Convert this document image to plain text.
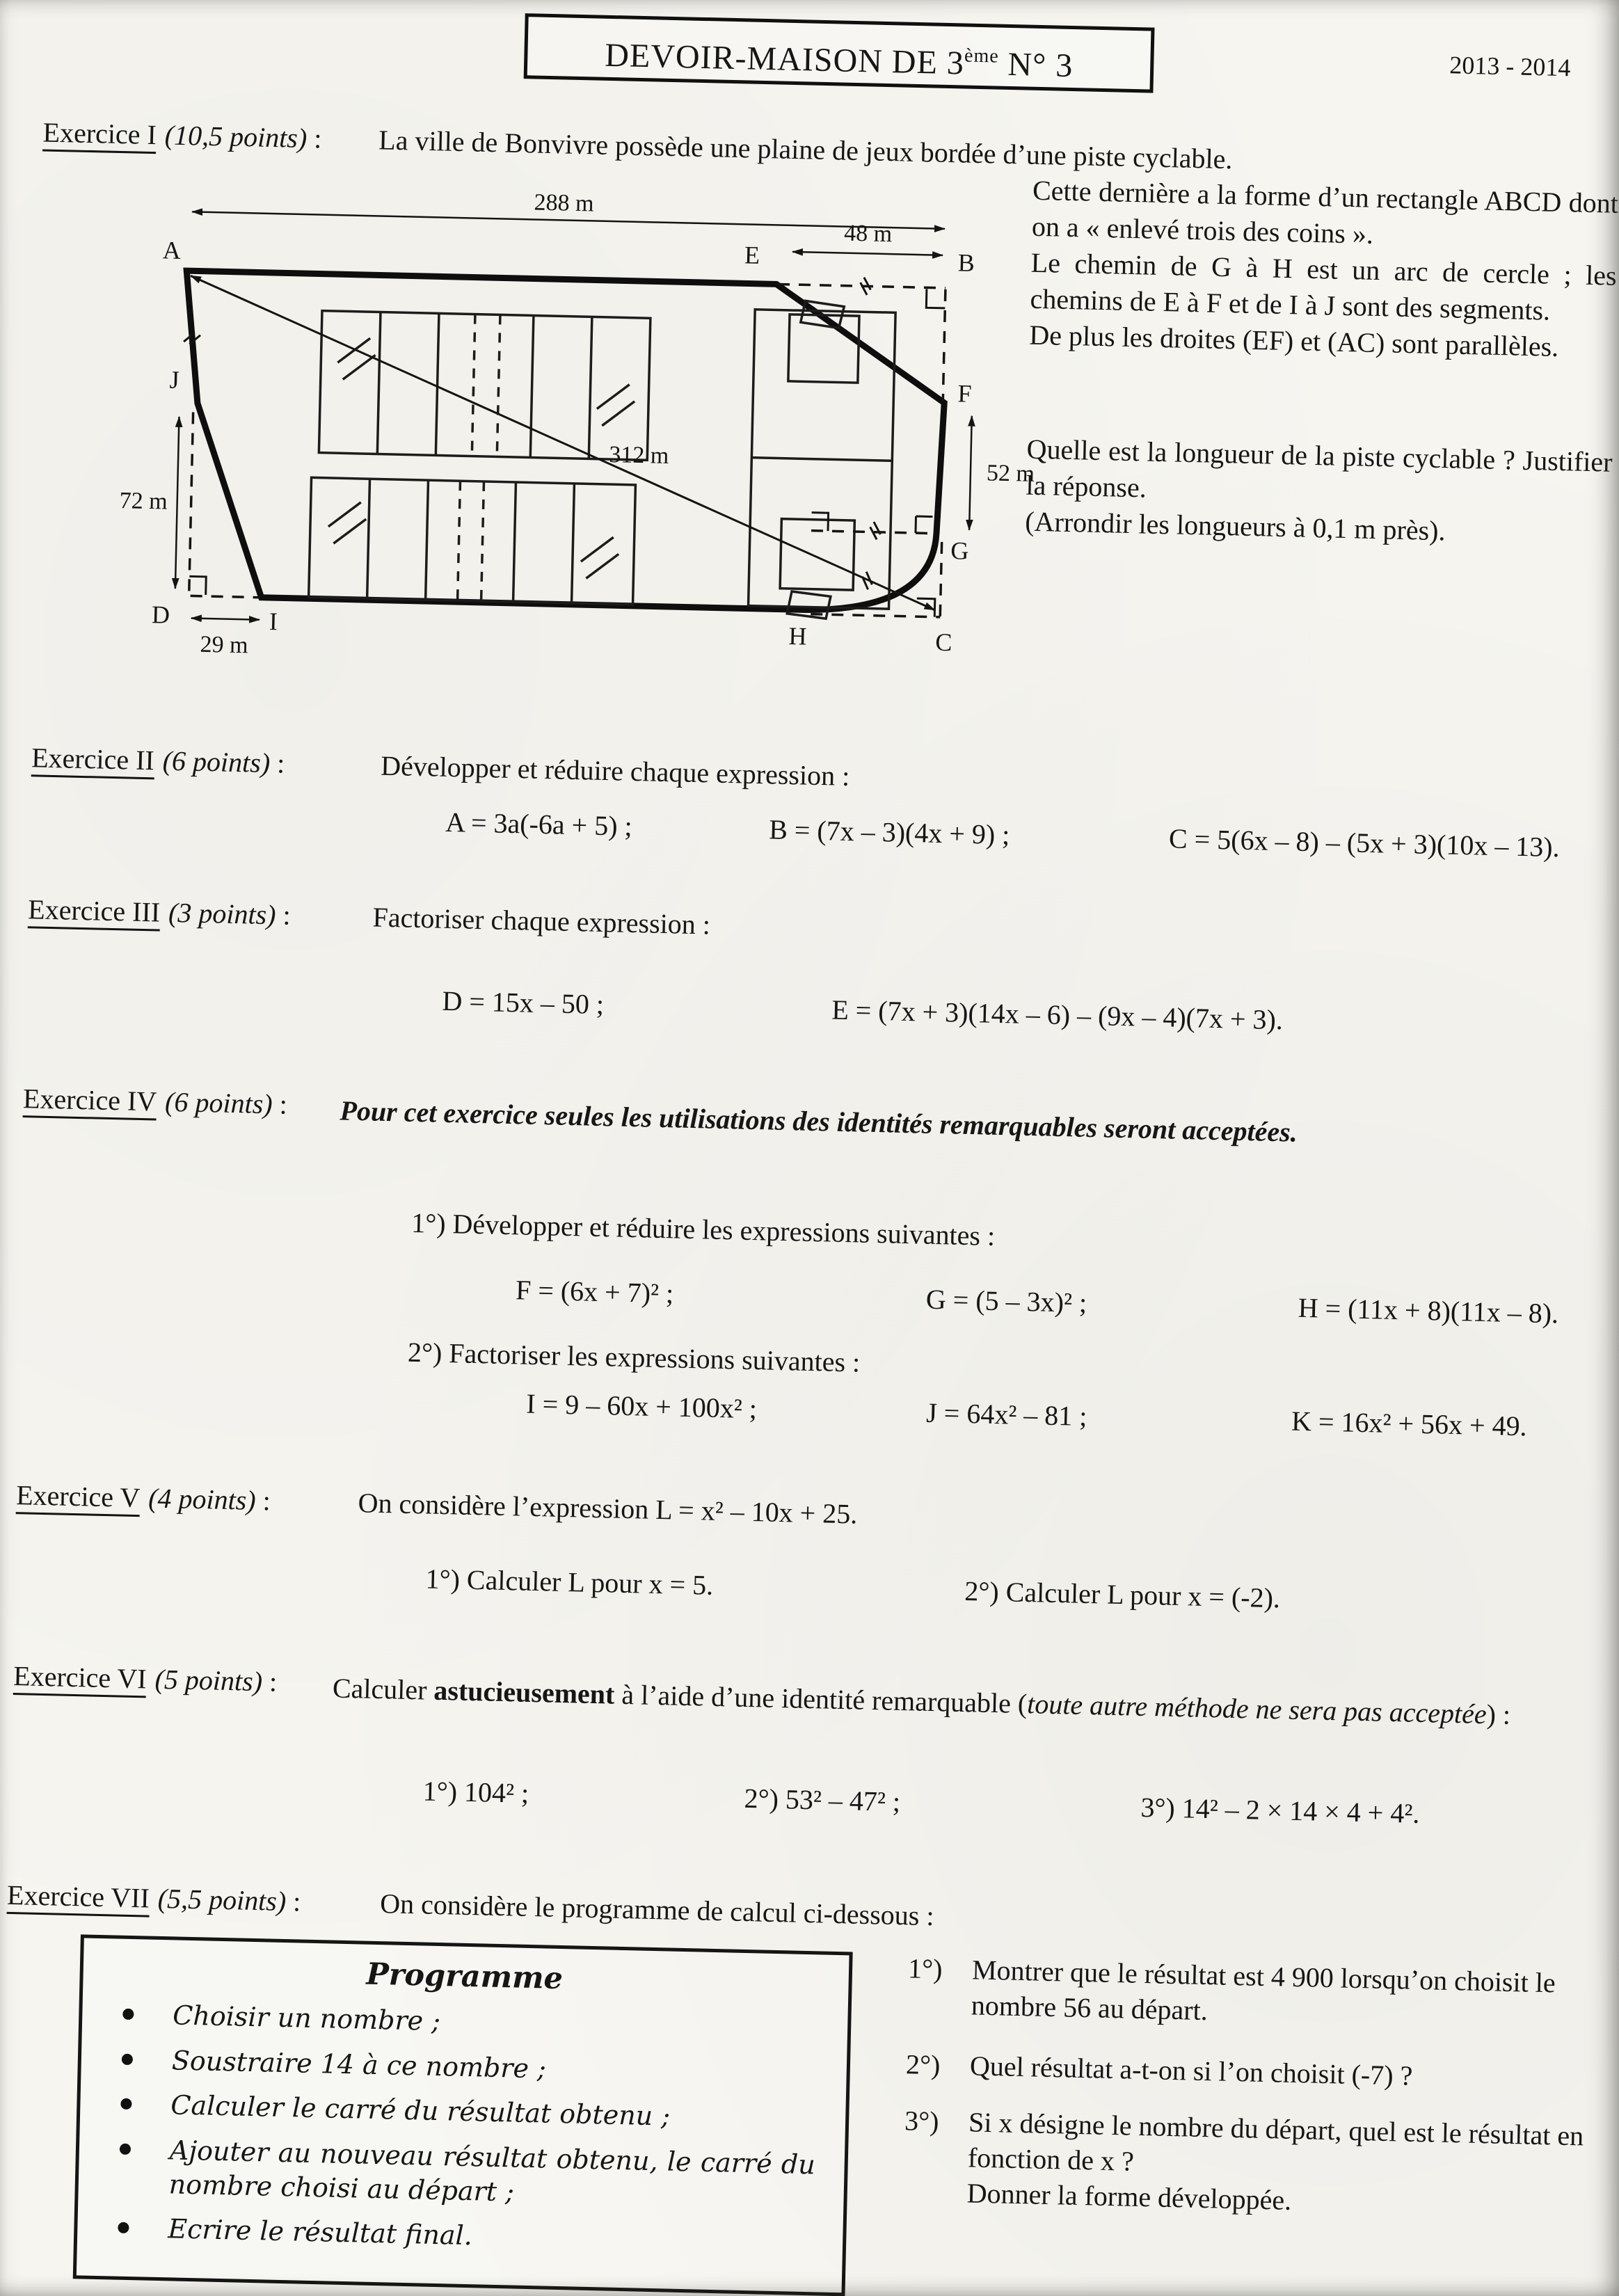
DEVOIR-MAISON DE 3ème N° 3	2013 - 2014
Exercice I (10,5 points) : La ville de Bonvivre possède une plaine de jeux bordée d’une piste cyclable.
312 m
288 m
48 m
52 m
72 m
29 m
A	E	B
F
G
H	C
I
D
J

Cette dernière a la forme d’un rectangle ABCD dont on a « enlevé trois des coins ».

Le chemin de G à H est un arc de cercle ; les chemins de E à F et de I à J sont des segments.

De plus les droites (EF) et (AC) sont parallèles.

Quelle est la longueur de la piste cyclable ? Justifier la réponse.

(Arrondir les longueurs à 0,1 m près).

Exercice II (6 points) :	Développer et réduire chaque expression :
A = 3a(-6a + 5) ;	B = (7x – 3)(4x + 9) ;	C = 5(6x – 8) – (5x + 3)(10x – 13).
Exercice III (3 points) :	Factoriser chaque expression :
D = 15x – 50 ;	E = (7x + 3)(14x – 6) – (9x – 4)(7x + 3).
Exercice IV (6 points) : Pour cet exercice seules les utilisations des identités remarquables seront acceptées.
1°) Développer et réduire les expressions suivantes :
F = (6x + 7)² ;	G = (5 – 3x)² ;	H = (11x + 8)(11x – 8).
2°) Factoriser les expressions suivantes :
I = 9 – 60x + 100x² ;	J = 64x² – 81 ;	K = 16x² + 56x + 49.
Exercice V (4 points) :	On considère l’expression L = x² – 10x + 25.
1°) Calculer L pour x = 5.	2°) Calculer L pour x = (-2).
Exercice VI (5 points) : Calculer astucieusement à l’aide d’une identité remarquable (toute autre méthode ne sera pas acceptée) :
1°) 104² ;	2°) 53² – 47² ;	3°) 14² – 2 × 14 × 4 + 4².
Exercice VII (5,5 points) :	On considère le programme de calcul ci-dessous :
Programme
Choisir un nombre ;
Soustraire 14 à ce nombre ;
Calculer le carré du résultat obtenu ;
Ajouter au nouveau résultat obtenu, le carré du nombre choisi au départ ;
Ecrire le résultat final.
1°)	Montrer que le résultat est 4 900 lorsqu’on choisit le nombre 56 au départ.
2°)	Quel résultat a-t-on si l’on choisit (-7) ?
3°)	Si x désigne le nombre du départ, quel est le résultat en fonction de x ?
Donner la forme développée.
